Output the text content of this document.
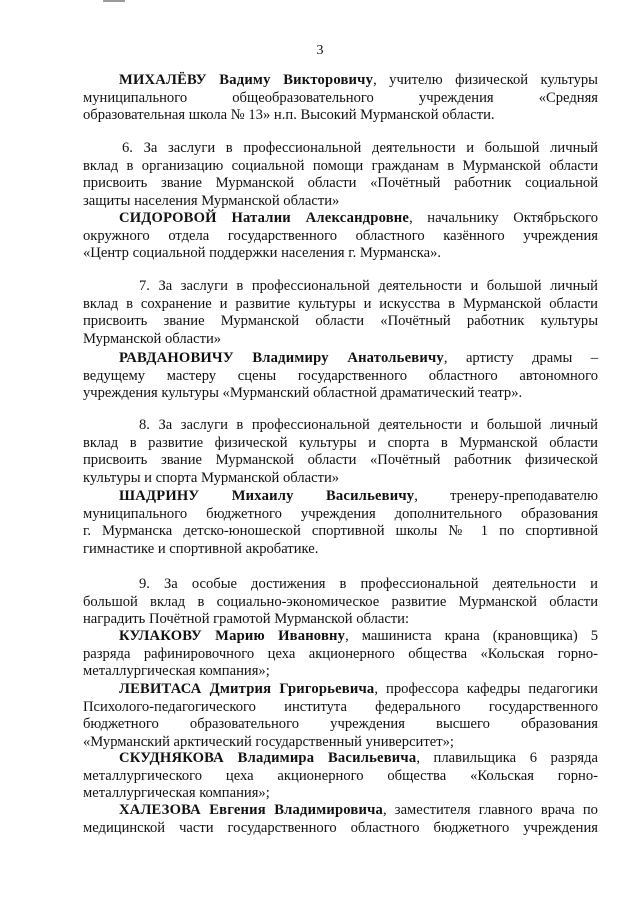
3
МИХАЛЁВУ Вадиму Викторовичу, учителю физической культуры
муниципального общеобразовательного учреждения «Средняя
образовательная школа № 13» н.п. Высокий Мурманской области.
6. За заслуги в профессиональной деятельности и большой личный
вклад в организацию социальной помощи гражданам в Мурманской области
присвоить звание Мурманской области «Почётный работник социальной
защиты населения Мурманской области»
СИДОРОВОЙ Наталии Александровне, начальнику Октябрьского
окружного отдела государственного областного казённого учреждения
«Центр социальной поддержки населения г. Мурманска».
7. За заслуги в профессиональной деятельности и большой личный
вклад в сохранение и развитие культуры и искусства в Мурманской области
присвоить звание Мурманской области «Почётный работник культуры
Мурманской области»
РАВДАНОВИЧУ Владимиру Анатольевичу, артисту драмы –
ведущему мастеру сцены государственного областного автономного
учреждения культуры «Мурманский областной драматический театр».
8. За заслуги в профессиональной деятельности и большой личный
вклад в развитие физической культуры и спорта в Мурманской области
присвоить звание Мурманской области «Почётный работник физической
культуры и спорта Мурманской области»
ШАДРИНУ Михаилу Васильевичу, тренеру-преподавателю
муниципального бюджетного учреждения дополнительного образования
г. Мурманска детско-юношеской спортивной школы № 1 по спортивной
гимнастике и спортивной акробатике.
9. За особые достижения в профессиональной деятельности и
большой вклад в социально-экономическое развитие Мурманской области
наградить Почётной грамотой Мурманской области:
КУЛАКОВУ Марию Ивановну, машиниста крана (крановщика) 5
разряда рафинировочного цеха акционерного общества «Кольская горно-
металлургическая компания»;
ЛЕВИТАСА Дмитрия Григорьевича, профессора кафедры педагогики
Психолого-педагогического института федерального государственного
бюджетного образовательного учреждения высшего образования
«Мурманский арктический государственный университет»;
СКУДНЯКОВА Владимира Васильевича, плавильщика 6 разряда
металлургического цеха акционерного общества «Кольская горно-
металлургическая компания»;
ХАЛЕЗОВА Евгения Владимировича, заместителя главного врача по
медицинской части государственного областного бюджетного учреждения
